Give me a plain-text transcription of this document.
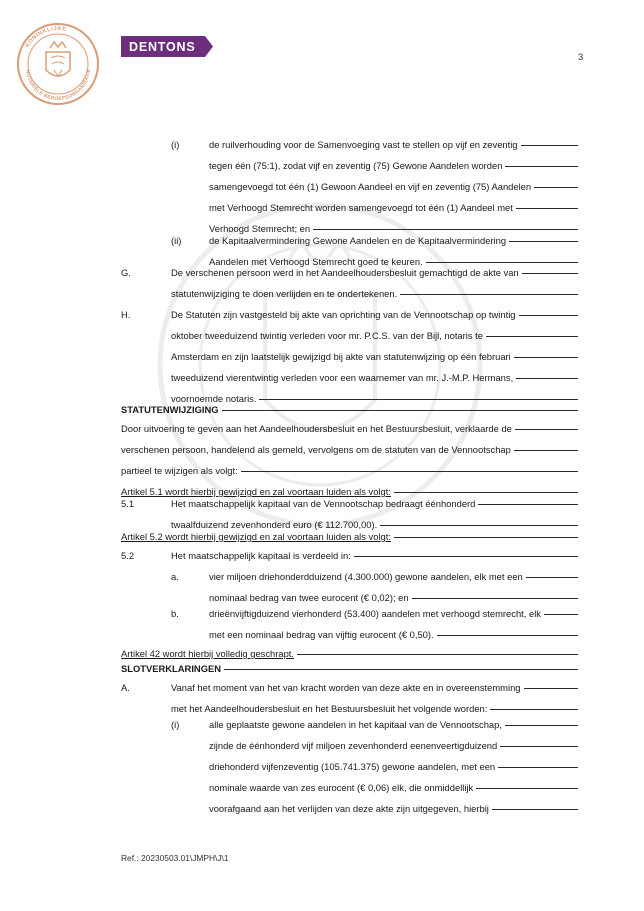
KONINKLIJKE
NOTARIËLE BEROEPSORGANISATIE
DENTONS
3
(i)	de ruilverhouding voor de Samenvoeging vast te stellen op vijf en zeventig
tegen één (75:1), zodat vijf en zeventig (75) Gewone Aandelen worden
samengevoegd tot één (1) Gewoon Aandeel en vijf en zeventig (75) Aandelen
met Verhoogd Stemrecht worden samengevoegd tot één (1) Aandeel met
Verhoogd Stemrecht; en
(ii)	de Kapitaalvermindering Gewone Aandelen en de Kapitaalvermindering
Aandelen met Verhoogd Stemrecht goed te keuren.
G.	De verschenen persoon werd in het Aandeelhoudersbesluit gemachtigd de akte van
statutenwijziging te doen verlijden en te ondertekenen.
H.	De Statuten zijn vastgesteld bij akte van oprichting van de Vennootschap op twintig
oktober tweeduizend twintig verleden voor mr. P.C.S. van der Bijl, notaris te
Amsterdam en zijn laatstelijk gewijzigd bij akte van statutenwijzing op één februari
tweeduizend vierentwintig verleden voor een waarnemer van mr. J.-M.P. Hermans,
voornoemde notaris.
STATUTENWIJZIGING
Door uitvoering te geven aan het Aandeelhoudersbesluit en het Bestuursbesluit, verklaarde de
verschenen persoon, handelend als gemeld, vervolgens om de statuten van de Vennootschap
partieel te wijzigen als volgt:
Artikel 5.1 wordt hierbij gewijzigd en zal voortaan luiden als volgt:
5.1	Het maatschappelijk kapitaal van de Vennootschap bedraagt éénhonderd
twaalfduizend zevenhonderd euro (€ 112.700,00).
Artikel 5.2 wordt hierbij gewijzigd en zal voortaan luiden als volgt:
5.2	Het maatschappelijk kapitaal is verdeeld in:
a.	vier miljoen driehonderdduizend (4.300.000) gewone aandelen, elk met een
nominaal bedrag van twee eurocent (€ 0,02); en
b.	drieënvijftigduizend vierhonderd (53.400) aandelen met verhoogd stemrecht, elk
met een nominaal bedrag van vijftig eurocent (€ 0,50).
Artikel 42 wordt hierbij volledig geschrapt.
SLOTVERKLARINGEN
A.	Vanaf het moment van het van kracht worden van deze akte en in overeenstemming
met het Aandeelhoudersbesluit en het Bestuursbesluit het volgende worden:
(i)	alle geplaatste gewone aandelen in het kapitaal van de Vennootschap,
zijnde de éénhonderd vijf miljoen zevenhonderd eenenveertigduizend
driehonderd vijfenzeventig (105.741.375) gewone aandelen, met een
nominale waarde van zes eurocent (€ 0,06) elk, die onmiddellijk
voorafgaand aan het verlijden van deze akte zijn uitgegeven, hierbij
Ref.: 20230503.01\JMPH\J\1
